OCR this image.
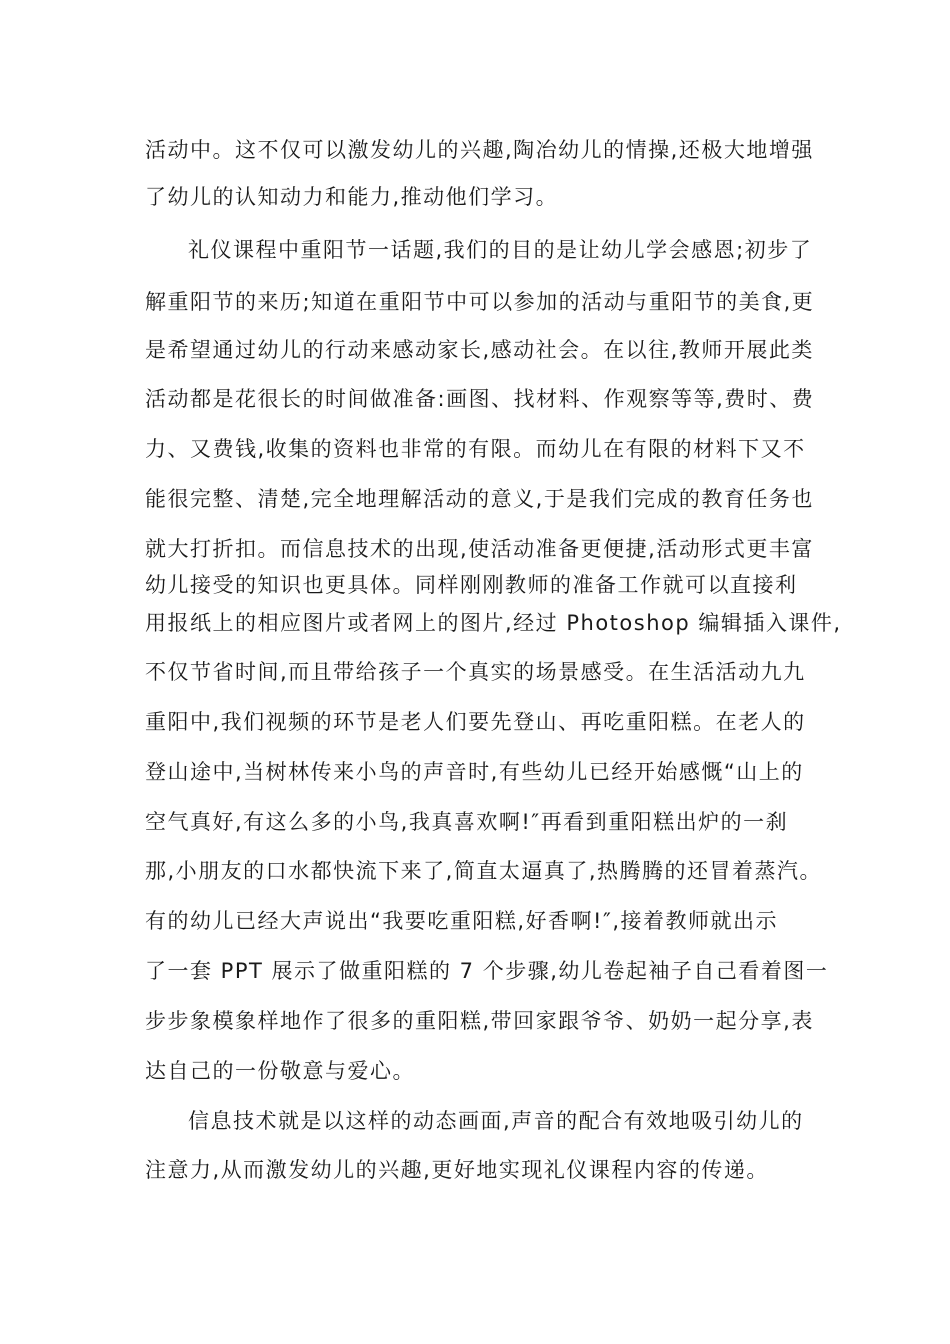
活动中。这不仅可以激发幼儿的兴趣,陶冶幼儿的情操,还极大地增强
了幼儿的认知动力和能力,推动他们学习。
礼仪课程中重阳节一话题,我们的目的是让幼儿学会感恩;初步了
解重阳节的来历;知道在重阳节中可以参加的活动与重阳节的美食,更
是希望通过幼儿的行动来感动家长,感动社会。在以往,教师开展此类
活动都是花很长的时间做准备:画图、找材料、作观察等等,费时、费
力、又费钱,收集的资料也非常的有限。而幼儿在有限的材料下又不
能很完整、清楚,完全地理解活动的意义,于是我们完成的教育任务也
就大打折扣。而信息技术的出现,使活动准备更便捷,活动形式更丰富
幼儿接受的知识也更具体。同样刚刚教师的准备工作就可以直接利
用报纸上的相应图片或者网上的图片,经过 Photoshop 编辑插入课件,
不仅节省时间,而且带给孩子一个真实的场景感受。在生活活动九九
重阳中,我们视频的环节是老人们要先登山、再吃重阳糕。在老人的
登山途中,当树林传来小鸟的声音时,有些幼儿已经开始感慨“山上的
空气真好,有这么多的小鸟,我真喜欢啊!″再看到重阳糕出炉的一刹
那,小朋友的口水都快流下来了,简直太逼真了,热腾腾的还冒着蒸汽。
有的幼儿已经大声说出“我要吃重阳糕,好香啊!″,接着教师就出示
了一套 PPT 展示了做重阳糕的 7 个步骤,幼儿卷起袖子自己看着图一
步步象模象样地作了很多的重阳糕,带回家跟爷爷、奶奶一起分享,表
达自己的一份敬意与爱心。
信息技术就是以这样的动态画面,声音的配合有效地吸引幼儿的
注意力,从而激发幼儿的兴趣,更好地实现礼仪课程内容的传递。
